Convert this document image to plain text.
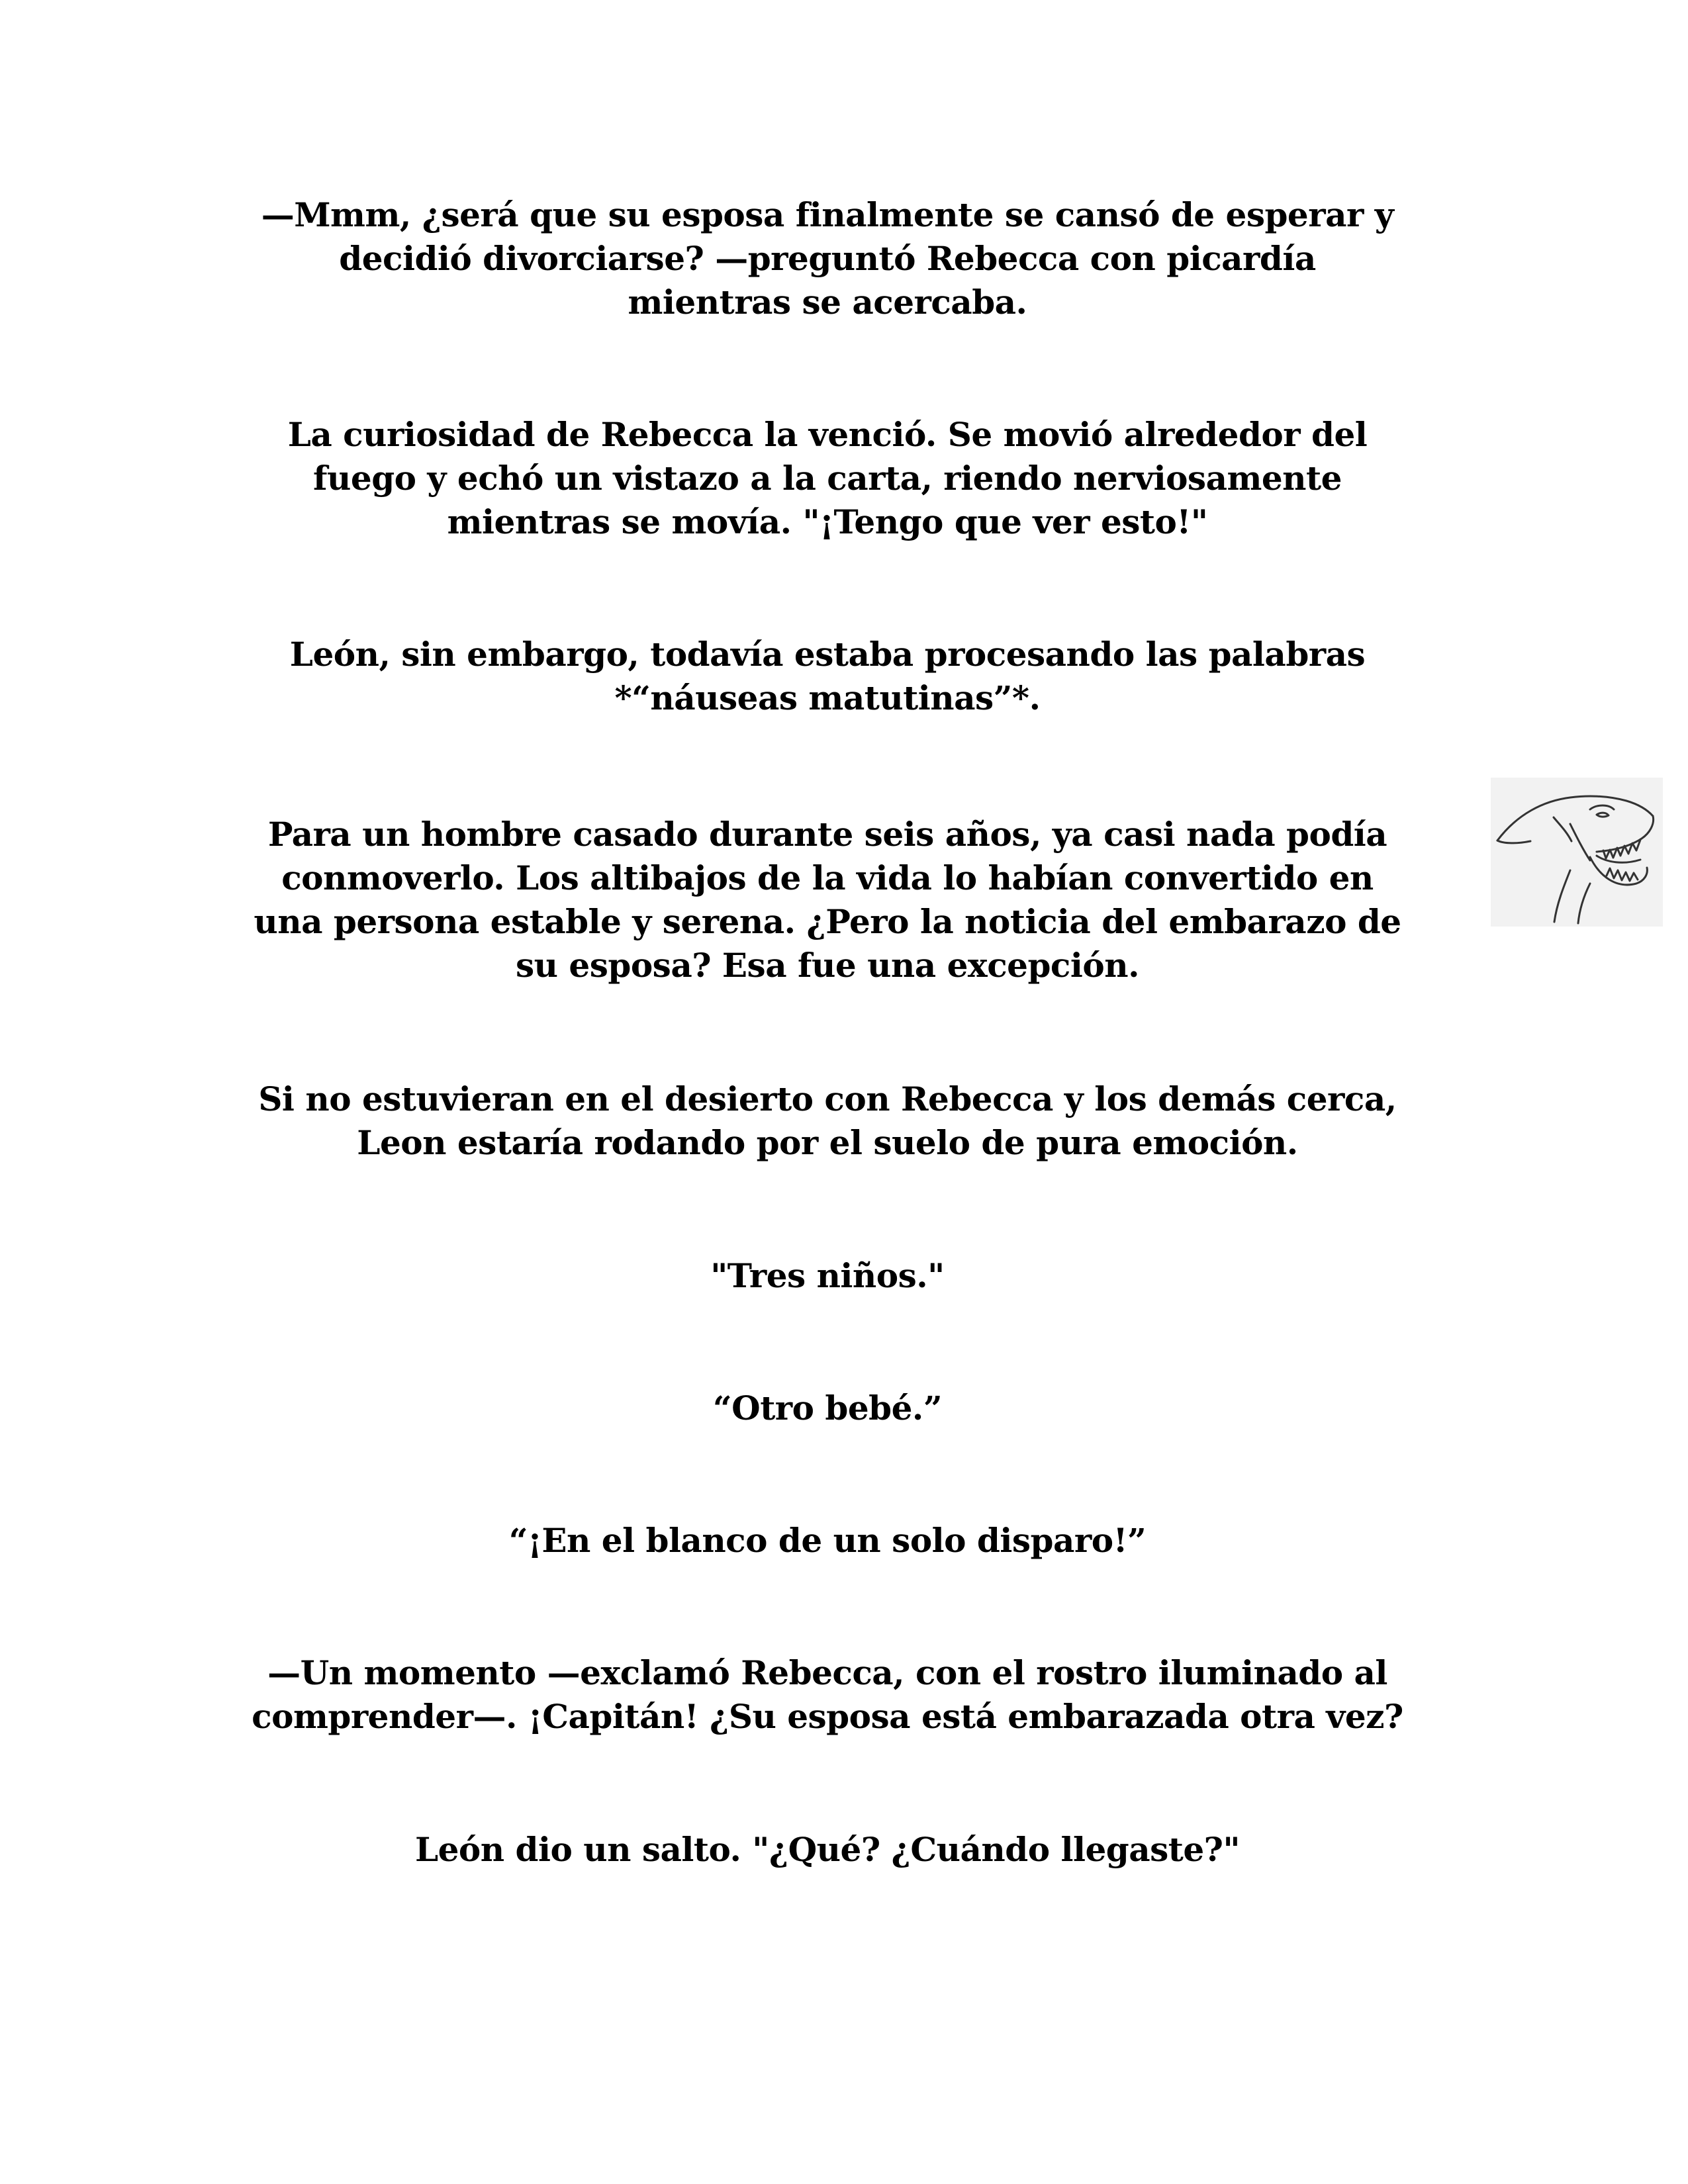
—Mmm, ¿será que su esposa finalmente se cansó de esperar y
decidió divorciarse? —preguntó Rebecca con picardía
mientras se acercaba.

La curiosidad de Rebecca la venció. Se movió alrededor del
fuego y echó un vistazo a la carta, riendo nerviosamente
mientras se movía. "¡Tengo que ver esto!"

León, sin embargo, todavía estaba procesando las palabras
*“náuseas matutinas”*.

Para un hombre casado durante seis años, ya casi nada podía
conmoverlo. Los altibajos de la vida lo habían convertido en
una persona estable y serena. ¿Pero la noticia del embarazo de
su esposa? Esa fue una excepción.

Si no estuvieran en el desierto con Rebecca y los demás cerca,
Leon estaría rodando por el suelo de pura emoción.

"Tres niños."

“Otro bebé.”

“¡En el blanco de un solo disparo!”

—Un momento —exclamó Rebecca, con el rostro iluminado al
comprender—. ¡Capitán! ¿Su esposa está embarazada otra vez?

León dio un salto. "¿Qué? ¿Cuándo llegaste?"
